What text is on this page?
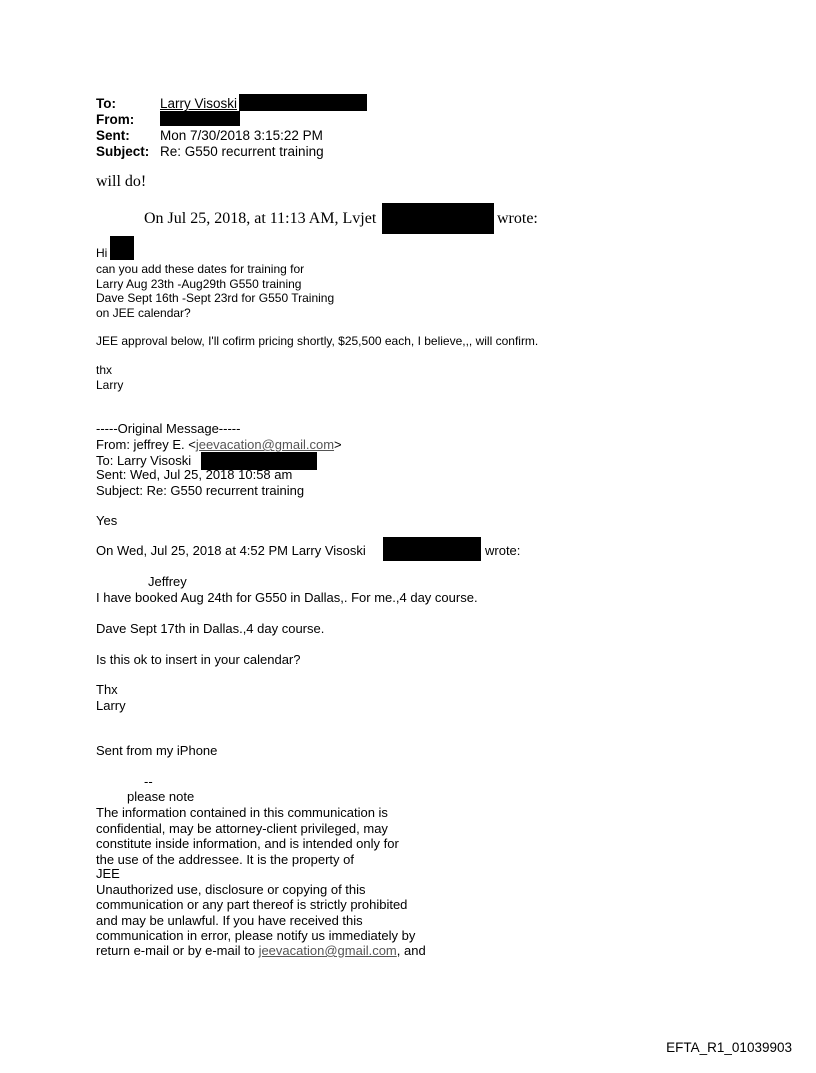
To:	Larry Visoski
From:
Sent: Mon 7/30/2018 3:15:22 PM
Subject: Re: G550 recurrent training
will do!
On Jul 25, 2018, at 11:13 AM, Lvjet	wrote:
Hi
can you add these dates for training for
Larry Aug 23th -Aug29th G550 training
Dave Sept 16th -Sept 23rd for G550 Training
on JEE calendar?
JEE approval below, I'll cofirm pricing shortly, $25,500 each, I believe,,, will confirm.
thx
Larry
-----Original Message-----
From: jeffrey E. <jeevacation@gmail.com>
To: Larry Visoski
Sent: Wed, Jul 25, 2018 10:58 am
Subject: Re: G550 recurrent training
Yes
On Wed, Jul 25, 2018 at 4:52 PM Larry Visoski	wrote:
Jeffrey
I have booked Aug 24th for G550 in Dallas,. For me.,4 day course.
Dave Sept 17th in Dallas.,4 day course.
Is this ok to insert in your calendar?
Thx
Larry
Sent from my iPhone
--
please note
The information contained in this communication is
confidential, may be attorney-client privileged, may
constitute inside information, and is intended only for
the use of the addressee. It is the property of
JEE
Unauthorized use, disclosure or copying of this
communication or any part thereof is strictly prohibited
and may be unlawful. If you have received this
communication in error, please notify us immediately by
return e-mail or by e-mail to jeevacation@gmail.com, and
EFTA_R1_01039903
